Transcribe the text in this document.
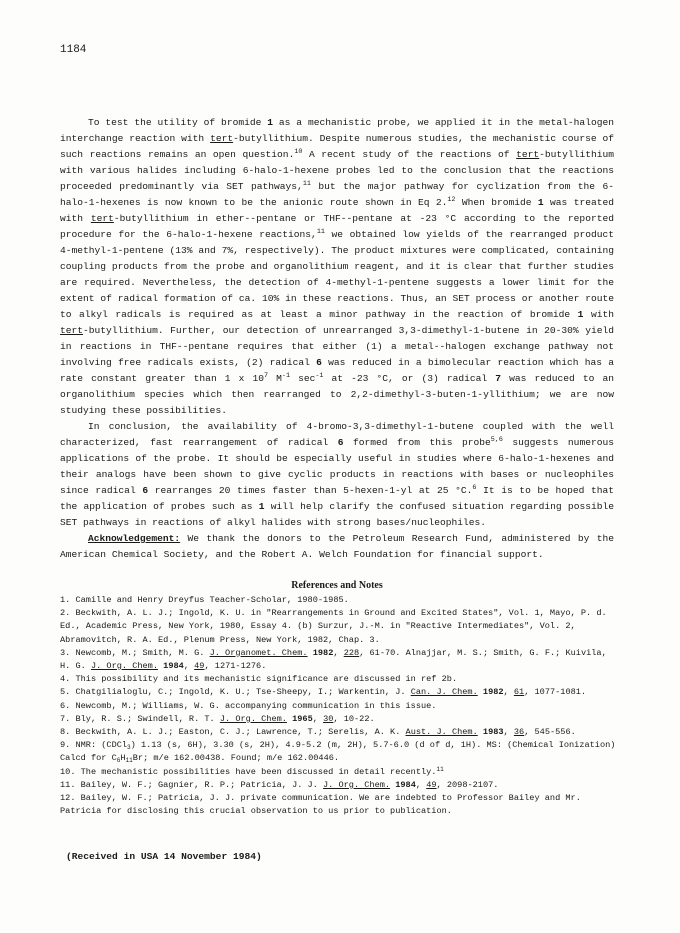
1184

To test the utility of bromide 1 as a mechanistic probe, we applied it in the metal-halogen interchange reaction with tert-butyllithium. Despite numerous studies, the mechanistic course of such reactions remains an open question.$^{10}$ A recent study of the reactions of tert-butyllithium with various halides including 6-halo-1-hexene probes led to the conclusion that the reactions proceeded predominantly via SET pathways,$^{11}$ but the major pathway for cyclization from the 6-halo-1-hexenes is now known to be the anionic route shown in Eq 2.12 When bromide 1 was treated with tert-butyllithium in ether--pentane or THF--pentane at -23 °C according to the reported procedure for the 6-halo-1-hexene reactions,$^{11}$ we obtained low yields of the rearranged product 4-methyl-1-pentene (13% and 7%, respectively). The product mixtures were complicated, containing coupling products from the probe and organolithium reagent, and it is clear that further studies are required. Nevertheless, the detection of 4-methyl-1-pentene suggests a lower limit for the extent of radical formation of ca. 10% in these reactions. Thus, an SET process or another route to alkyl radicals is required as at least a minor pathway in the reaction of bromide 1 with tert-butyllithium. Further, our detection of unrearranged 3,3-dimethyl-1-butene in 20-30% yield in reactions in THF--pentane requires that either (1) a metal--halogen exchange pathway not involving free radicals exists, (2) radical 6 was reduced in a bimolecular reaction which has a rate constant greater than 1 x $10^7$ $M^{-1}$ $\sec^{-1}$ at -23 °C, or (3) radical 7 was reduced to an organolithium species which then rearranged to 2,2-dimethyl-3-buten-1-yllithium; we are now studying these possibilities.

In conclusion, the availability of 4-bromo-3,3-dimethyl-1-butene coupled with the well characterized, fast rearrangement of radical 6 formed from this probe$^{5,6}$ suggests numerous applications of the probe. It should be especially useful in studies where 6-halo-1-hexenes and their analogs have been shown to give cyclic products in reactions with bases or nucleophiles since radical 6 rearranges 20 times faster than 5-hexen-1-yl at 25 °C.$^6$ It is to be hoped that the application of probes such as 1 will help clarify the confused situation regarding possible SET pathways in reactions of alkyl halides with strong bases/nucleophiles.

Acknowledgement: We thank the donors to the Petroleum Research Fund, administered by the American Chemical Society, and the Robert A. Welch Foundation for financial support.

References and Notes

1. Camille and Henry Dreyfus Teacher-Scholar, 1980-1985.

2. Beckwith, A. L. J.; Ingold, K. U. in "Rearrangements in Ground and Excited States", Vol. 1, Mayo, P. d. Ed., Academic Press, New York, 1980, Essay 4. (b) Surzur, J.-M. in "Reactive Intermediates", Vol. 2, Abramovitch, R. A. Ed., Plenum Press, New York, 1982, Chap. 3.

3. Newcomb, M.; Smith, M. G. J. Organomet. Chem. 1982, 228, 61-70. Alnajjar, M. S.; Smith, G. F.; Kuivila, H. G. J. Org. Chem. 1984, 49, 1271-1276.

4. This possibility and its mechanistic significance are discussed in ref 2b.

5. Chatgilialoglu, C.; Ingold, K. U.; Tse-Sheepy, I.; Warkentin, J. Can. J. Chem. 1982, 61, 1077-1081.

6. Newcomb, M.; Williams, W. G. accompanying communication in this issue.

7. Bly, R. S.; Swindell, R. T. J. Org. Chem. 1965, 30, 10-22.

8. Beckwith, A. L. J.; Easton, C. J.; Lawrence, T.; Serelis, A. K. Aust. J. Chem. 1983, 36, 545-556.

9. NMR: (CDCl$_3$) 1.13 (s, 6H), 3.30 (s, 2H), 4.9-5.2 (m, 2H), 5.7-6.0 (d of d, 1H). MS: (Chemical Ionization) Calcd for $C_6H_{11}Br$; m/e 162.00438. Found; m/e 162.00446.

10. The mechanistic possibilities have been discussed in detail recently.$^{11}$

11. Bailey, W. F.; Gagnier, R. P.; Patricia, J. J. J. Org. Chem. 1984, 49, 2098-2107.

12. Bailey, W. F.; Patricia, J. J. private communication. We are indebted to Professor Bailey and Mr. Patricia for disclosing this crucial observation to us prior to publication.

(Received in USA 14 November 1984)
